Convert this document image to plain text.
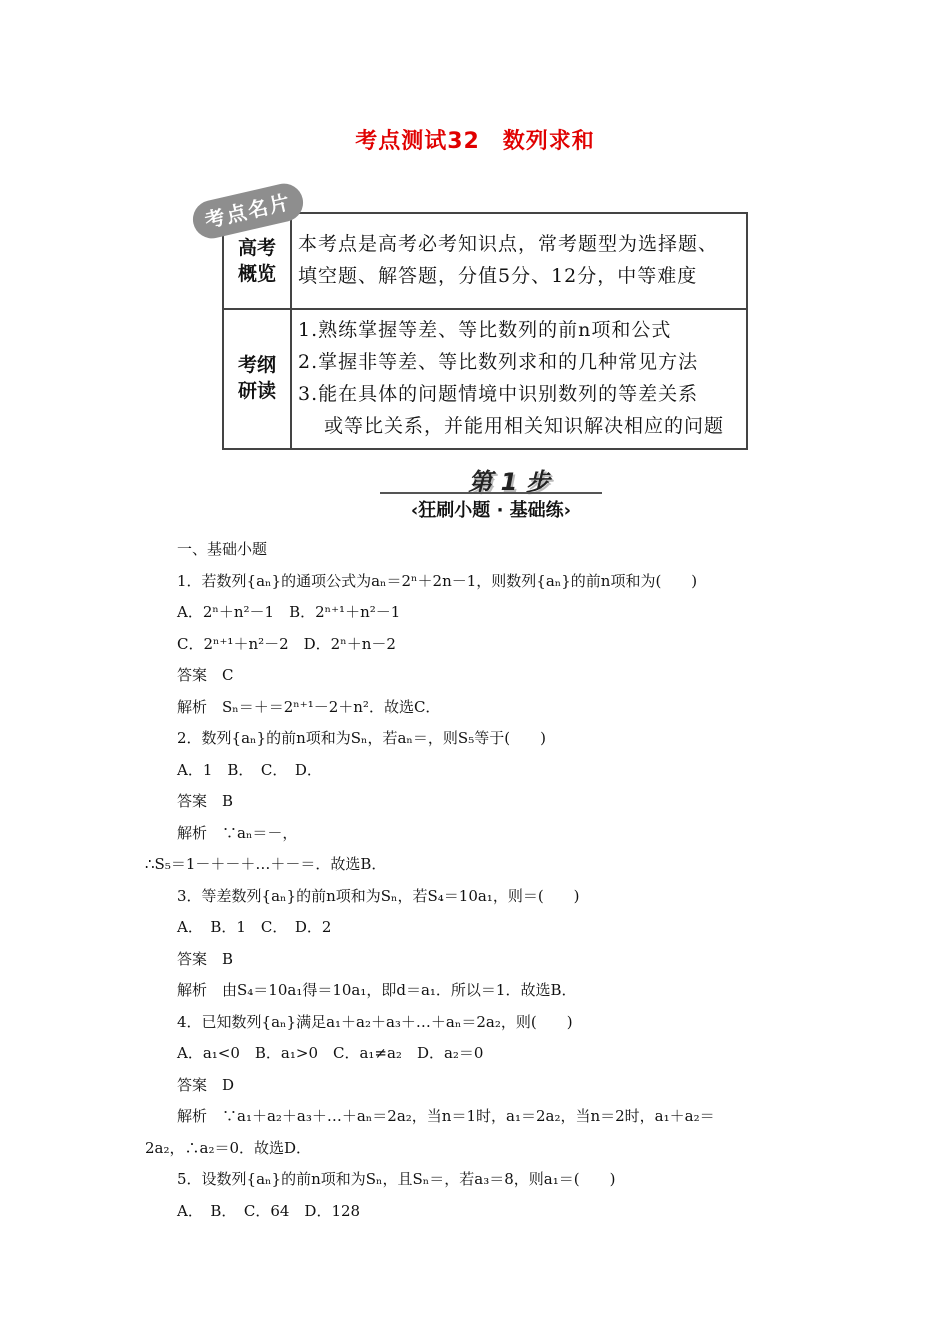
考点测试32　数列求和
考点名片
高考
概览
本考点是高考必考知识点，常考题型为选择题、
填空题、解答题，分值5分、12分，中等难度
考纲
研读
1.熟练掌握等差、等比数列的前n项和公式
2.掌握非等差、等比数列求和的几种常见方法
3.能在具体的问题情境中识别数列的等差关系
或等比关系，并能用相关知识解决相应的问题
第 1 步
‹狂刷小题 · 基础练›
一、基础小题
1．若数列{aₙ}的通项公式为aₙ＝2ⁿ＋2n－1，则数列{aₙ}的前n项和为(　　)
A．2ⁿ＋n²－1　B．2ⁿ⁺¹＋n²－1
C．2ⁿ⁺¹＋n²－2　D．2ⁿ＋n－2
答案　C
解析　Sₙ＝＋＝2ⁿ⁺¹－2＋n²．故选C．
2．数列{aₙ}的前n项和为Sₙ，若aₙ＝，则S₅等于(　　)
A．1　B．　C．　D．
答案　B
解析　∵aₙ＝－，
∴S₅＝1－＋－＋…＋－＝．故选B．
3．等差数列{aₙ}的前n项和为Sₙ，若S₄＝10a₁，则＝(　　)
A．　B．1　C．　D．2
答案　B
解析　由S₄＝10a₁得＝10a₁，即d＝a₁．所以＝1．故选B．
4．已知数列{aₙ}满足a₁＋a₂＋a₃＋…＋aₙ＝2a₂，则(　　)
A．a₁<0　B．a₁>0　C．a₁≠a₂　D．a₂＝0
答案　D
解析　∵a₁＋a₂＋a₃＋…＋aₙ＝2a₂，当n＝1时，a₁＝2a₂，当n＝2时，a₁＋a₂＝
2a₂，∴a₂＝0．故选D．
5．设数列{aₙ}的前n项和为Sₙ，且Sₙ＝，若a₃＝8，则a₁＝(　　)
A．　B．　C．64　D．128
